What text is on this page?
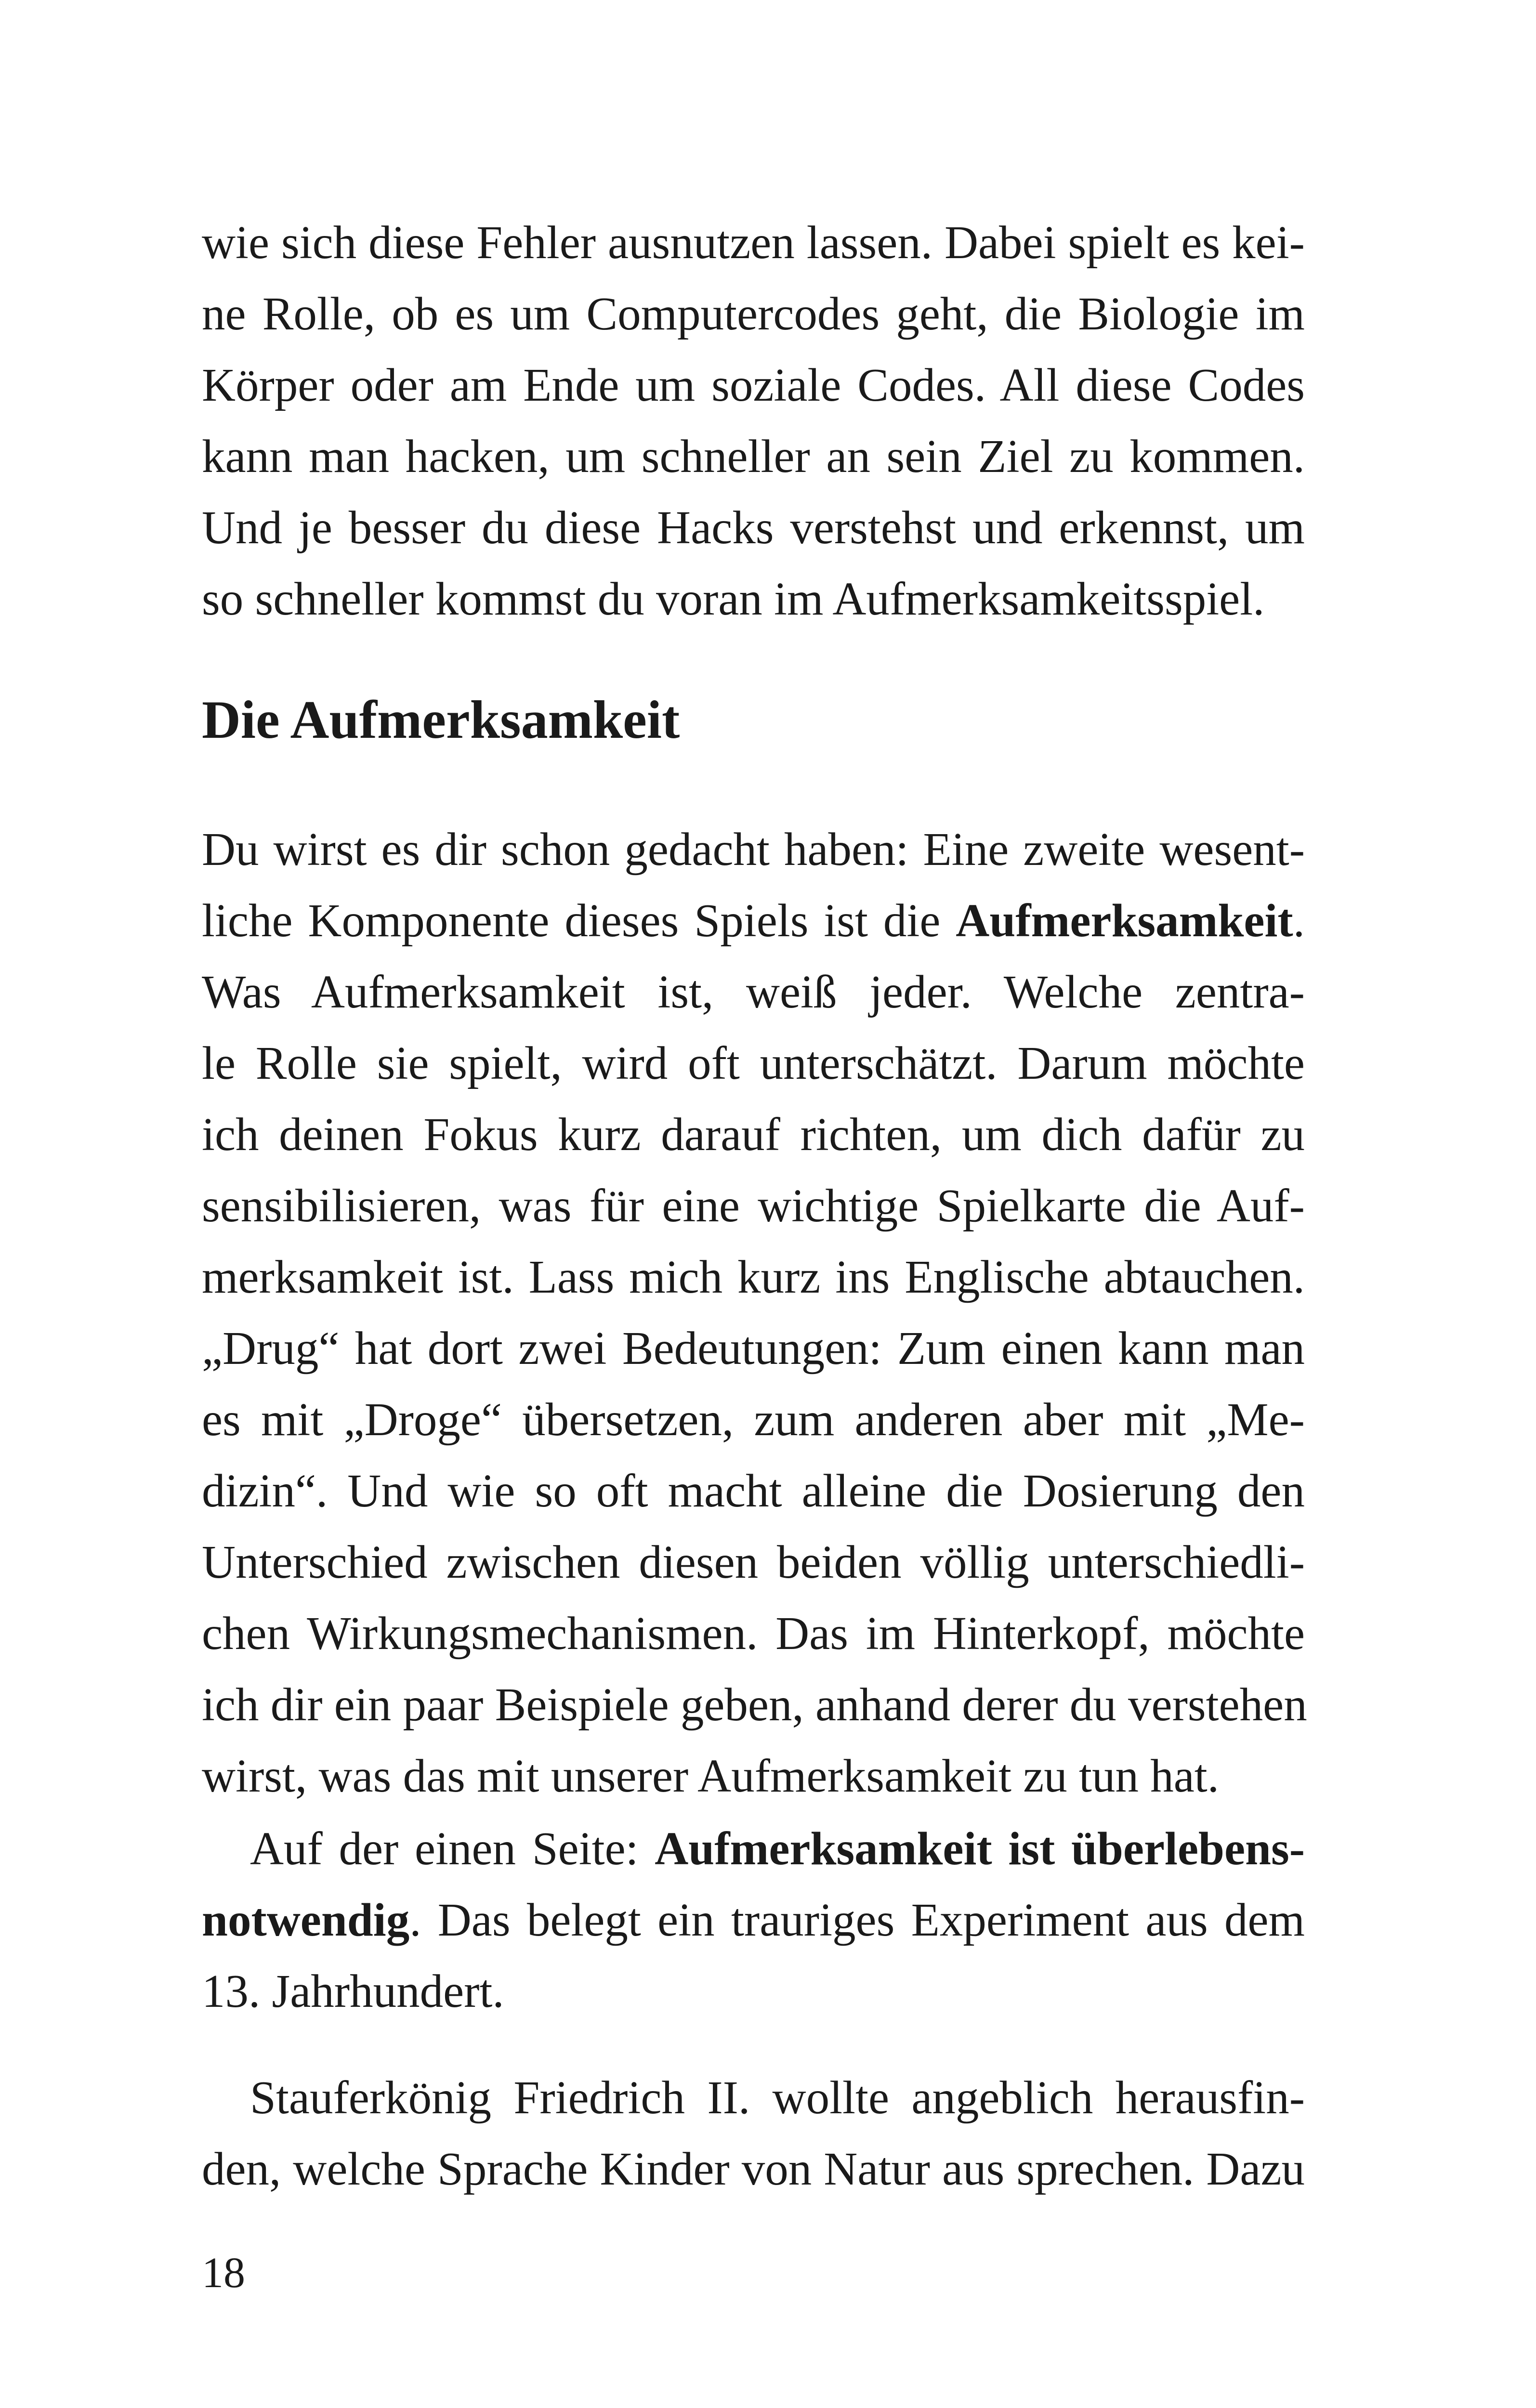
wie sich diese Fehler ausnutzen lassen. Dabei spielt es kei-
ne Rolle, ob es um Computercodes geht, die Biologie im
Körper oder am Ende um soziale Codes. All diese Codes
kann man hacken, um schneller an sein Ziel zu kommen.
Und je besser du diese Hacks verstehst und erkennst, um
so schneller kommst du voran im Aufmerksamkeitsspiel.
Die Aufmerksamkeit
Du wirst es dir schon gedacht haben: Eine zweite wesent-
liche Komponente dieses Spiels ist die Aufmerksamkeit.
Was Aufmerksamkeit ist, weiß jeder. Welche zentra-
le Rolle sie spielt, wird oft unterschätzt. Darum möchte
ich deinen Fokus kurz darauf richten, um dich dafür zu
sensibilisieren, was für eine wichtige Spielkarte die Auf-
merksamkeit ist. Lass mich kurz ins Englische abtauchen.
„Drug“ hat dort zwei Bedeutungen: Zum einen kann man
es mit „Droge“ übersetzen, zum anderen aber mit „Me-
dizin“. Und wie so oft macht alleine die Dosierung den
Unterschied zwischen diesen beiden völlig unterschiedli-
chen Wirkungsmechanismen. Das im Hinterkopf, möchte
ich dir ein paar Beispiele geben, anhand derer du verstehen
wirst, was das mit unserer Aufmerksamkeit zu tun hat.
Auf der einen Seite: Aufmerksamkeit ist überlebens-
notwendig. Das belegt ein trauriges Experiment aus dem
13. Jahrhundert.
Stauferkönig Friedrich II. wollte angeblich herausfin-
den, welche Sprache Kinder von Natur aus sprechen. Dazu
18
